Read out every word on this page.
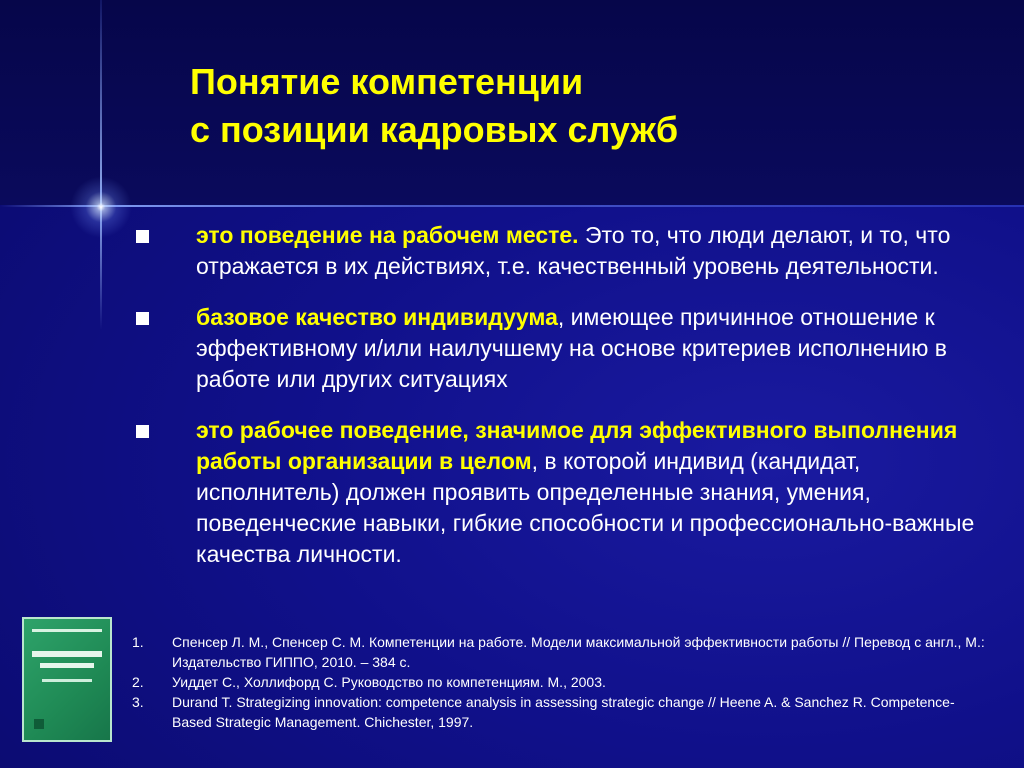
Понятие компетенции
с позиции кадровых служб
это поведение на рабочем месте. Это то, что люди делают, и то, что отражается в их действиях, т.е. качественный уровень деятельности.
базовое качество индивидуума, имеющее причинное отношение к эффективному и/или наилучшему на основе критериев исполнению в работе или других ситуациях
это рабочее поведение, значимое для эффективного выполнения работы организации в целом, в которой индивид (кандидат, исполнитель) должен проявить определенные знания, умения, поведенческие навыки, гибкие способности и профессионально-важные качества личности.
1. Спенсер Л. М., Спенсер С. М. Компетенции на работе. Модели максимальной эффективности работы // Перевод с англ., М.: Издательство ГИППО, 2010. – 384 с.
2. Уиддет С., Холлифорд С. Руководство по компетенциям. М., 2003.
3. Durand T. Strategizing innovation: competence analysis in assessing strategic change // Heene A. & Sanchez R. Competence-Based Strategic Management. Chichester, 1997.
